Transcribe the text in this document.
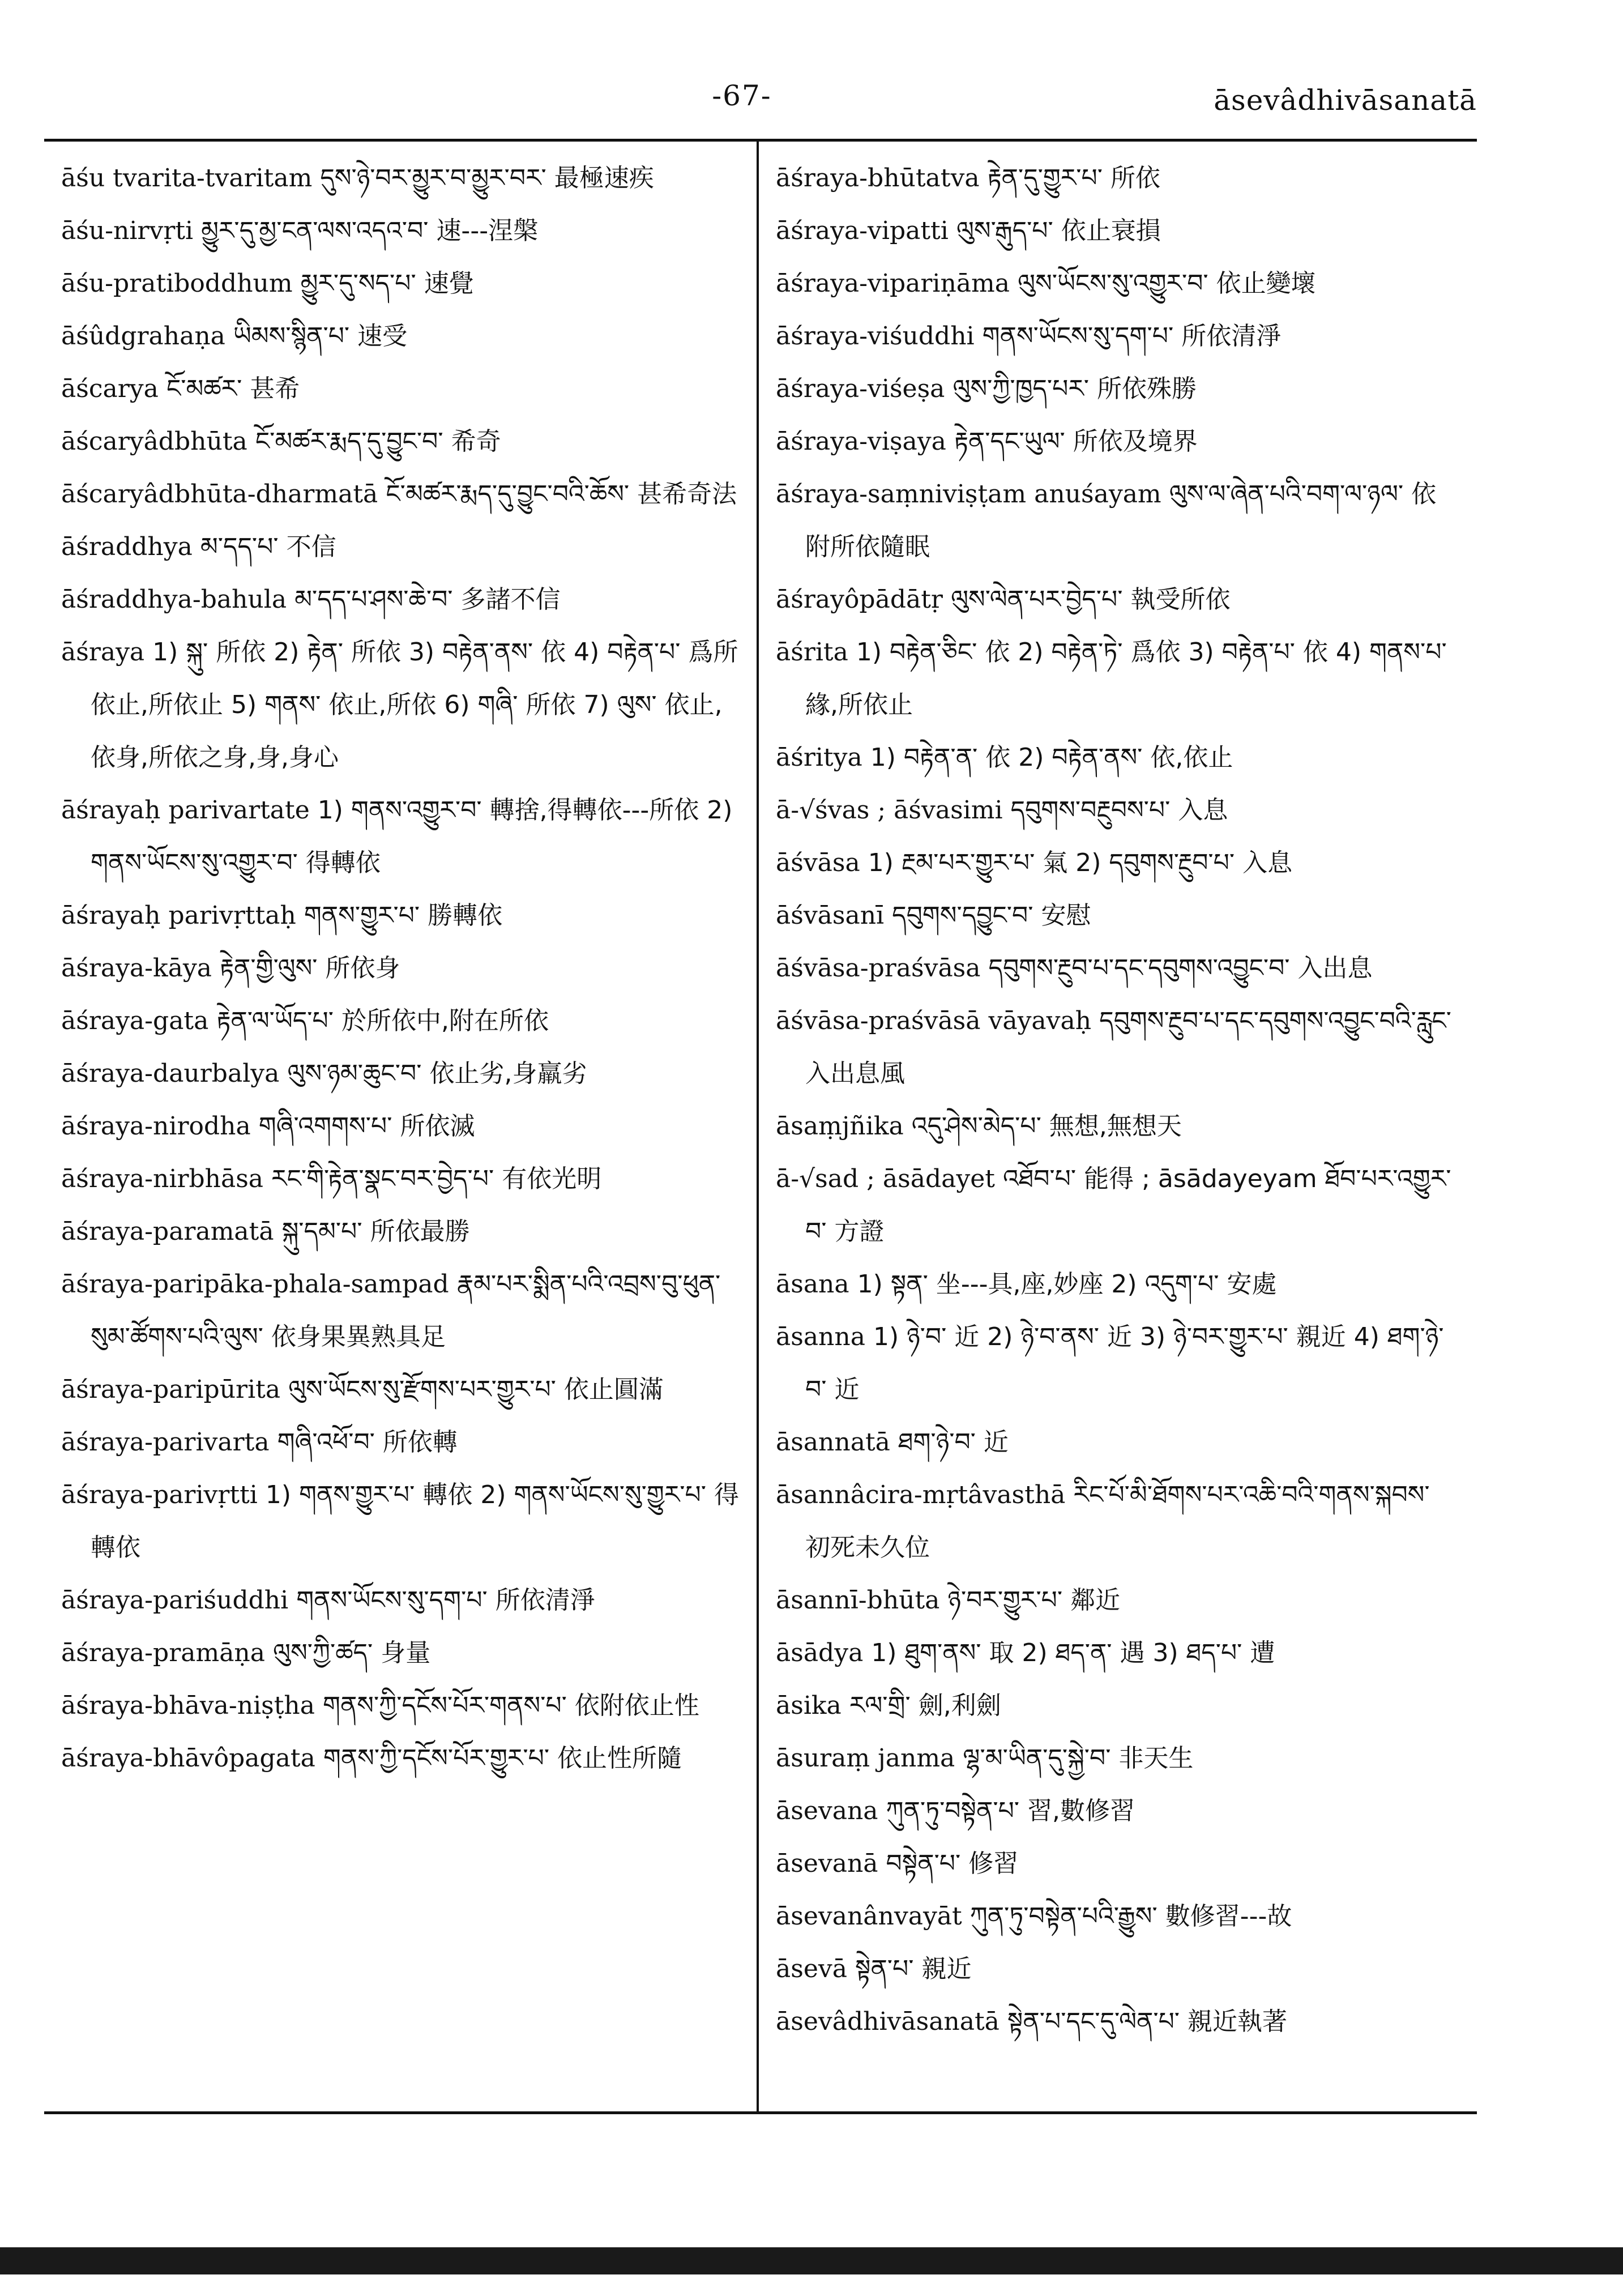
-67-	āsevâdhivāsanatā
āśu tvarita-tvaritam དུས་ཉེ་བར་མྱུར་བ་མྱུར་བར་ 最極速疾
āśu-nirvṛti མྱུར་དུ་མྱ་ངན་ལས་འདའ་བ་ 速---涅槃
āśu-pratiboddhum མྱུར་དུ་སད་པ་ 速覺
āśûdgrahaṇa ཡིམས་སྙིན་པ་ 速受
āścarya ངོ་མཚར་ 甚希
āścaryâdbhūta ངོ་མཚར་རྨད་དུ་བྱུང་བ་ 希奇
āścaryâdbhūta-dharmatā ངོ་མཚར་རྨད་དུ་བྱུང་བའི་ཆོས་ 甚希奇法
āśraddhya མ་དད་པ་ 不信
āśraddhya-bahula མ་དད་པ་ཤས་ཆེ་བ་ 多諸不信
āśraya 1) སྐུ་ 所依 2) རྟེན་ 所依 3) བརྟེན་ནས་ 依 4) བརྟེན་པ་ 爲所依止,所依止 5) གནས་ 依止,所依 6) གཞི་ 所依 7) ལུས་ 依止,依身,所依之身,身,身心
āśrayaḥ parivartate 1) གནས་འགྱུར་བ་ 轉捨,得轉依---所依 2) གནས་ཡོངས་སུ་འགྱུར་བ་ 得轉依
āśrayaḥ parivṛttaḥ གནས་གྱུར་པ་ 勝轉依
āśraya-kāya རྟེན་གྱི་ལུས་ 所依身
āśraya-gata རྟེན་ལ་ཡོད་པ་ 於所依中,附在所依
āśraya-daurbalya ལུས་ཉམ་ཆུང་བ་ 依止劣,身羸劣
āśraya-nirodha གཞི་འགགས་པ་ 所依滅
āśraya-nirbhāsa རང་གི་རྟེན་སྣང་བར་བྱེད་པ་ 有依光明
āśraya-paramatā སྐུ་དམ་པ་ 所依最勝
āśraya-paripāka-phala-sampad རྣམ་པར་སྨིན་པའི་འབྲས་བུ་ཕུན་སུམ་ཚོགས་པའི་ལུས་ 依身果異熟具足
āśraya-paripūrita ལུས་ཡོངས་སུ་རྫོགས་པར་གྱུར་པ་ 依止圓滿
āśraya-parivarta གཞི་འཕོ་བ་ 所依轉
āśraya-parivṛtti 1) གནས་གྱུར་པ་ 轉依 2) གནས་ཡོངས་སུ་གྱུར་པ་ 得轉依
āśraya-pariśuddhi གནས་ཡོངས་སུ་དག་པ་ 所依清淨
āśraya-pramāṇa ལུས་ཀྱི་ཚད་ 身量
āśraya-bhāva-niṣṭha གནས་ཀྱི་དངོས་པོར་གནས་པ་ 依附依止性
āśraya-bhāvôpagata གནས་ཀྱི་དངོས་པོར་གྱུར་པ་ 依止性所隨
āśraya-bhūtatva རྟེན་དུ་གྱུར་པ་ 所依
āśraya-vipatti ལུས་རྒུད་པ་ 依止衰損
āśraya-vipariṇāma ལུས་ཡོངས་སུ་འགྱུར་བ་ 依止變壞
āśraya-viśuddhi གནས་ཡོངས་སུ་དག་པ་ 所依清淨
āśraya-viśeṣa ལུས་ཀྱི་ཁྱད་པར་ 所依殊勝
āśraya-viṣaya རྟེན་དང་ཡུལ་ 所依及境界
āśraya-saṃniviṣṭam anuśayam ལུས་ལ་ཞེན་པའི་བག་ལ་ཉལ་ 依附所依隨眠
āśrayôpādātṛ ལུས་ལེན་པར་བྱེད་པ་ 執受所依
āśrita 1) བརྟེན་ཅིང་ 依 2) བརྟེན་ཏེ་ 爲依 3) བརྟེན་པ་ 依 4) གནས་པ་ 緣,所依止
āśritya 1) བརྟེན་ན་ 依 2) བརྟེན་ནས་ 依,依止
ā-√śvas ; āśvasimi དབུགས་བརྔུབས་པ་ 入息
āśvāsa 1) རྔམ་པར་གྱུར་པ་ 氣 2) དབུགས་རྔུབ་པ་ 入息
āśvāsanī དབུགས་དབྱུང་བ་ 安慰
āśvāsa-praśvāsa དབུགས་རྔུབ་པ་དང་དབུགས་འབྱུང་བ་ 入出息
āśvāsa-praśvāsā vāyavaḥ དབུགས་རྔུབ་པ་དང་དབུགས་འབྱུང་བའི་རླུང་ 入出息風
āsaṃjñika འདུ་ཤེས་མེད་པ་ 無想,無想天
ā-√sad ; āsādayet འཐོབ་པ་ 能得 ; āsādayeyam ཐོབ་པར་འགྱུར་བ་ 方證
āsana 1) སྟན་ 坐---具,座,妙座 2) འདུག་པ་ 安處
āsanna 1) ཉེ་བ་ 近 2) ཉེ་བ་ནས་ 近 3) ཉེ་བར་གྱུར་པ་ 親近 4) ཐག་ཉེ་བ་ 近
āsannatā ཐག་ཉེ་བ་ 近
āsannâcira-mṛtâvasthā རིང་པོ་མི་ཐོགས་པར་འཆི་བའི་གནས་སྐབས་ 初死未久位
āsannī-bhūta ཉེ་བར་གྱུར་པ་ 鄰近
āsādya 1) ཐུག་ནས་ 取 2) ཐད་ན་ 遇 3) ཐད་པ་ 遭
āsika རལ་གྲི་ 劍,利劍
āsuraṃ janma ལྷ་མ་ཡིན་དུ་སྐྱེ་བ་ 非天生
āsevana ཀུན་ཏུ་བསྟེན་པ་ 習,數修習
āsevanā བསྟེན་པ་ 修習
āsevanânvayāt ཀུན་ཏུ་བསྟེན་པའི་རྒྱུས་ 數修習---故
āsevā སྟེན་པ་ 親近
āsevâdhivāsanatā སྟེན་པ་དང་དུ་ལེན་པ་ 親近執著
